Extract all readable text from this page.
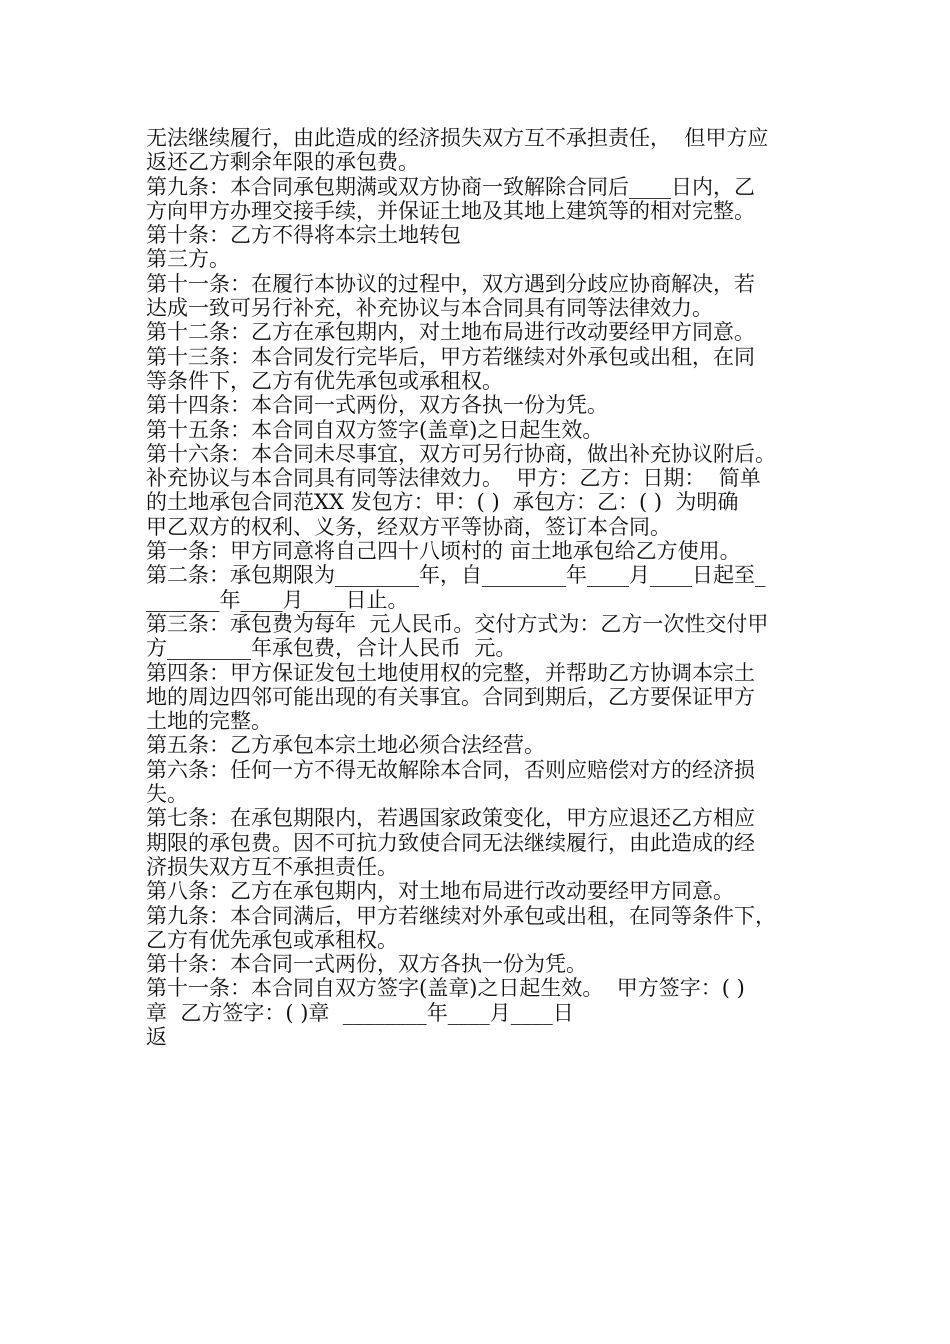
无法继续履行，由此造成的经济损失双方互不承担责任，  但甲方应
返还乙方剩余年限的承包费。
第九条：本合同承包期满或双方协商一致解除合同后____日内，乙
方向甲方办理交接手续，并保证土地及其地上建筑等的相对完整。
第十条：乙方不得将本宗土地转包
第三方。
第十一条：在履行本协议的过程中，双方遇到分歧应协商解决，若
达成一致可另行补充，补充协议与本合同具有同等法律效力。
第十二条：乙方在承包期内，对土地布局进行改动要经甲方同意。
第十三条：本合同发行完毕后，甲方若继续对外承包或出租，在同
等条件下，乙方有优先承包或承租权。
第十四条：本合同一式两份，双方各执一份为凭。
第十五条：本合同自双方签字(盖章)之日起生效。
第十六条：本合同未尽事宜，双方可另行协商，做出补充协议附后。
补充协议与本合同具有同等法律效力。  甲方：乙方：日期：  简单
的土地承包合同范XX 发包方：甲：( )  承包方：乙：( )  为明确
甲乙双方的权利、义务，经双方平等协商，签订本合同。
第一条：甲方同意将自己四十八顷村的 亩土地承包给乙方使用。
第二条：承包期限为________年，自________年____月____日起至_
_______年____月____日止。
第三条：承包费为每年  元人民币。交付方式为：乙方一次性交付甲
方________年承包费，合计人民币  元。
第四条：甲方保证发包土地使用权的完整，并帮助乙方协调本宗土
地的周边四邻可能出现的有关事宜。合同到期后，乙方要保证甲方
土地的完整。
第五条：乙方承包本宗土地必须合法经营。
第六条：任何一方不得无故解除本合同，否则应赔偿对方的经济损
失。
第七条：在承包期限内，若遇国家政策变化，甲方应退还乙方相应
期限的承包费。因不可抗力致使合同无法继续履行，由此造成的经
济损失双方互不承担责任。
第八条：乙方在承包期内，对土地布局进行改动要经甲方同意。
第九条：本合同满后，甲方若继续对外承包或出租，在同等条件下，
乙方有优先承包或承租权。
第十条：本合同一式两份，双方各执一份为凭。
第十一条：本合同自双方签字(盖章)之日起生效。  甲方签字：( )
章  乙方签字：( )章  ________年____月____日
返
